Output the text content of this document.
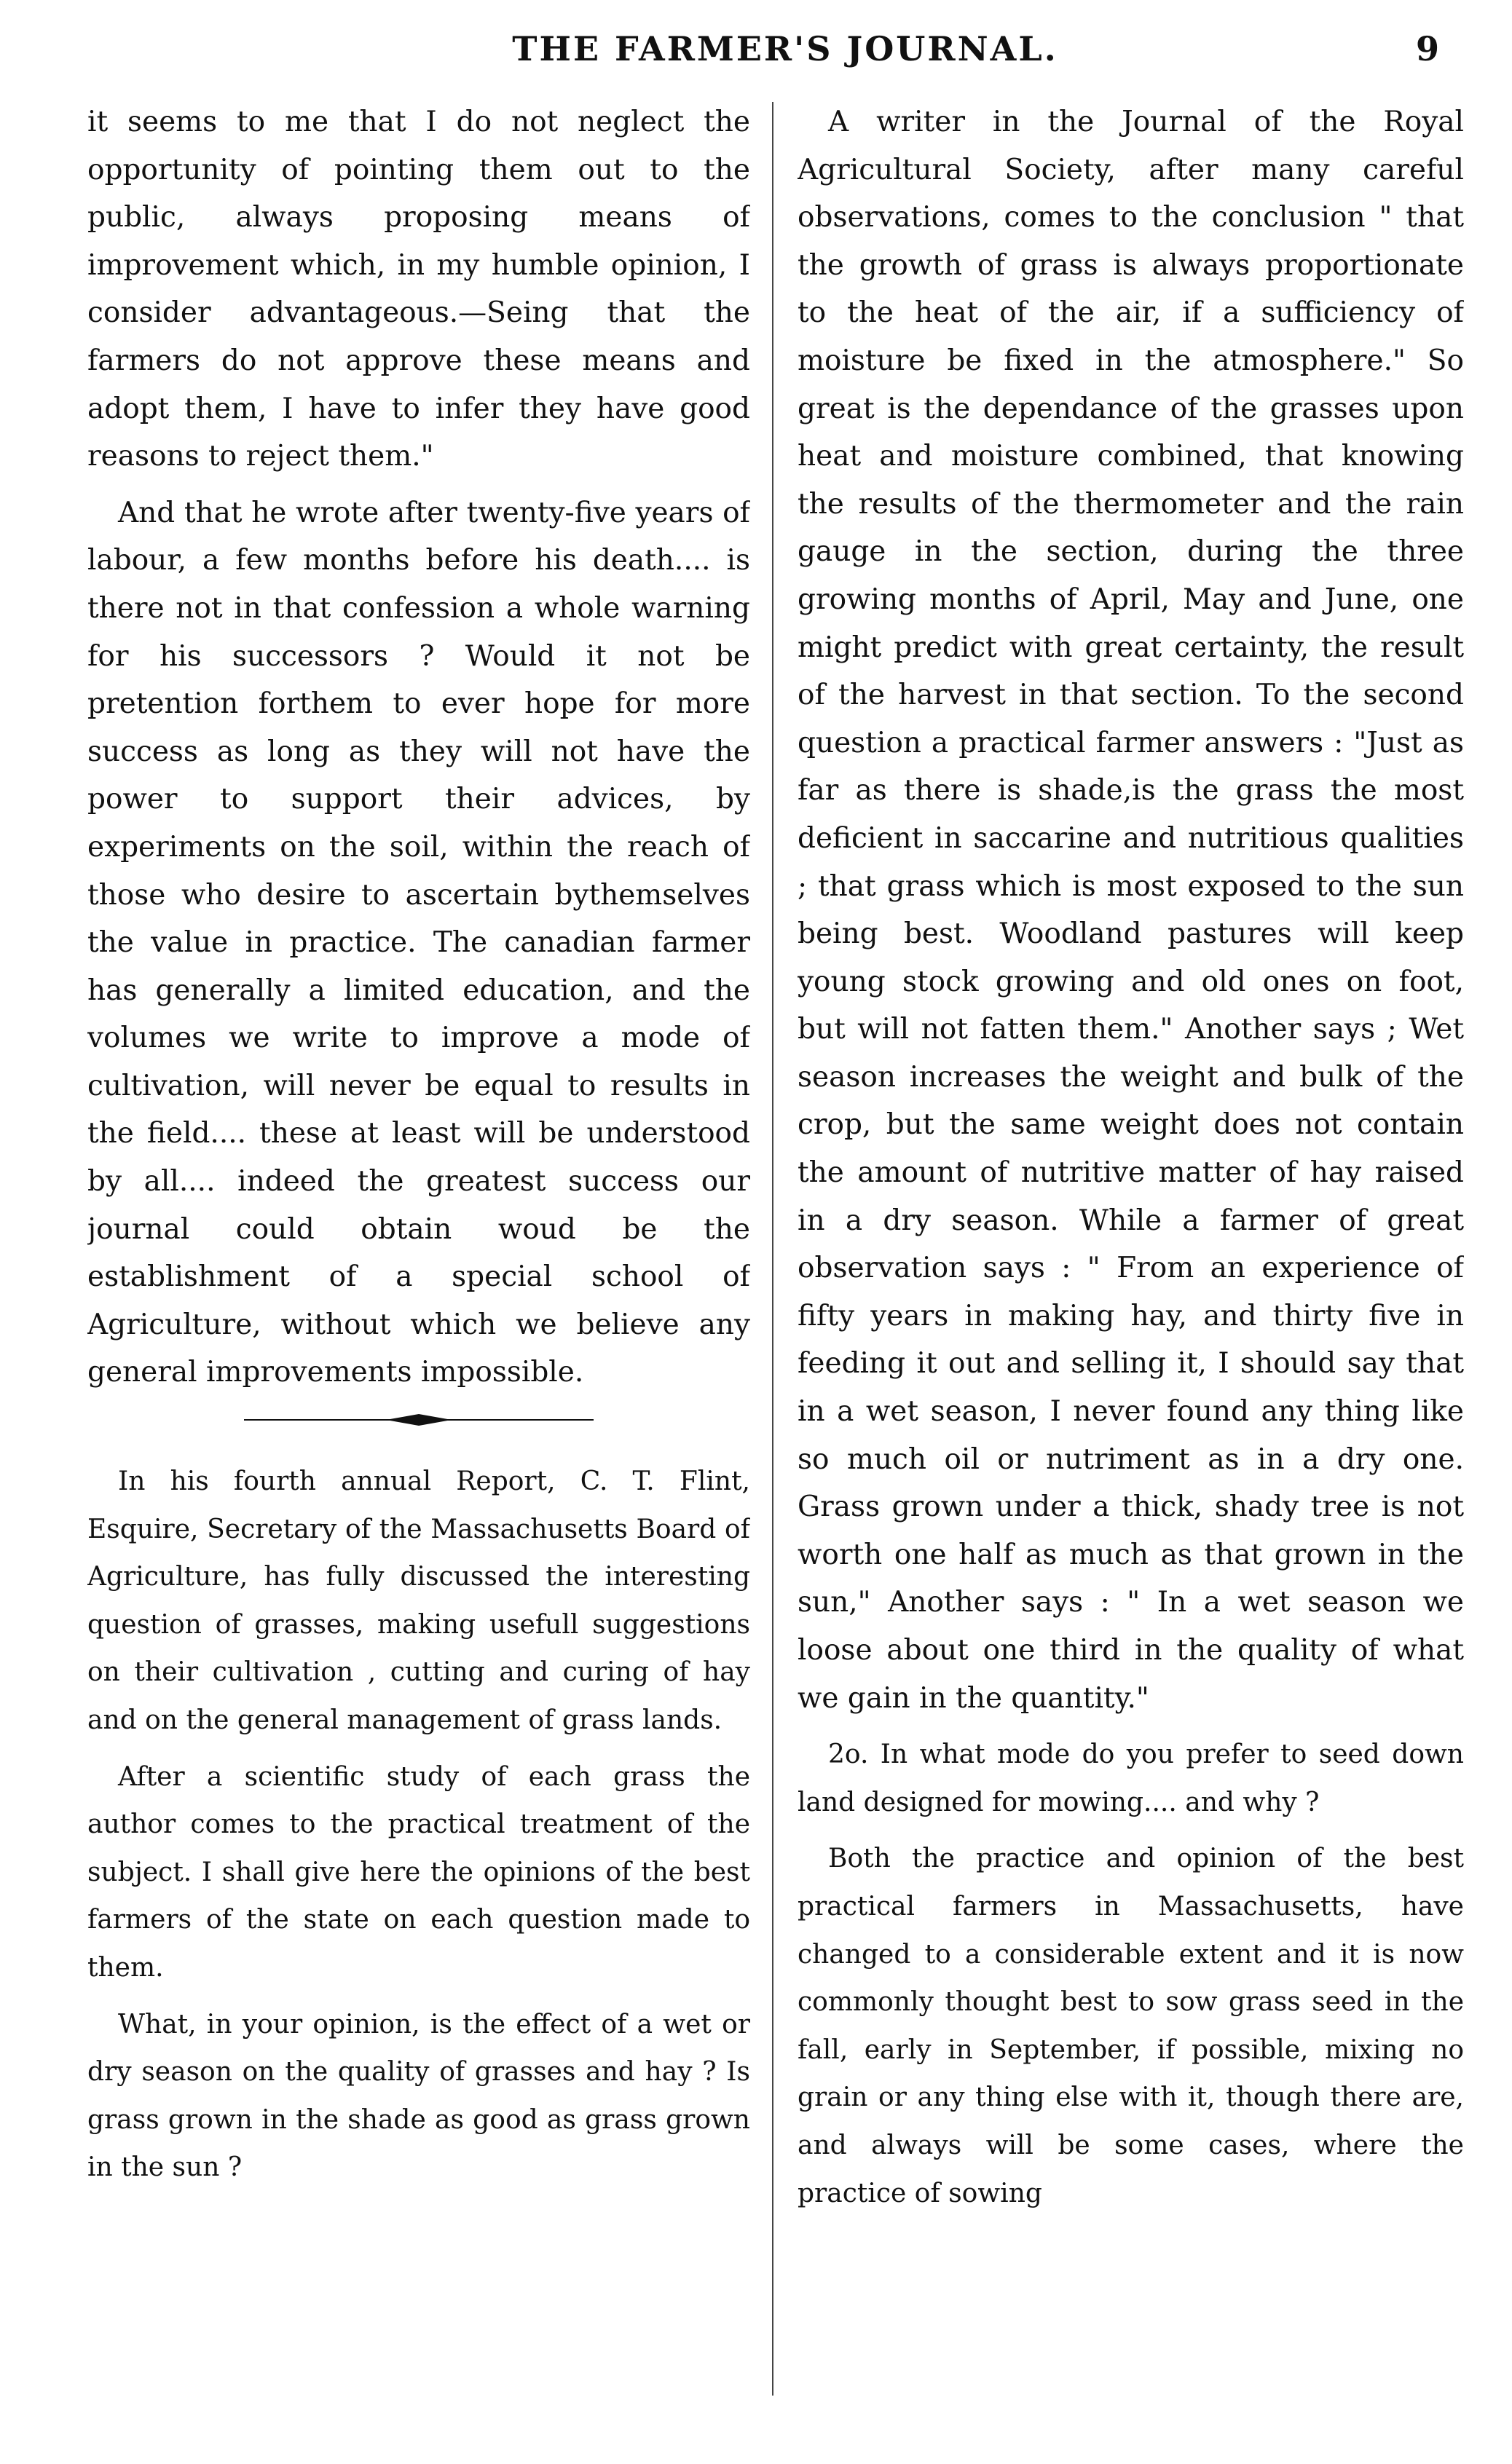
THE FARMER'S JOURNAL.	9

it seems to me that I do not neglect the opportunity of pointing them out to the public, always proposing means of improvement which, in my humble opinion, I consider advantageous.—Seing that the farmers do not approve these means and adopt them, I have to infer they have good reasons to reject them."

And that he wrote after twenty-five years of labour, a few months before his death.... is there not in that confession a whole warning for his successors ? Would it not be pretention forthem to ever hope for more success as long as they will not have the power to support their advices, by experiments on the soil, within the reach of those who desire to ascertain bythemselves the value in practice. The canadian farmer has generally a limited education, and the volumes we write to improve a mode of cultivation, will never be equal to results in the field.... these at least will be understood by all.... indeed the greatest success our journal could obtain woud be the establishment of a special school of Agriculture, without which we believe any general improvements impossible.

In his fourth annual Report, C. T. Flint, Esquire, Secretary of the Massachusetts Board of Agriculture, has fully discussed the interesting question of grasses, making usefull suggestions on their cultivation , cutting and curing of hay and on the general management of grass lands.

After a scientific study of each grass the author comes to the practical treatment of the subject. I shall give here the opinions of the best farmers of the state on each question made to them.

What, in your opinion, is the effect of a wet or dry season on the quality of grasses and hay ? Is grass grown in the shade as good as grass grown in the sun ?

A writer in the Journal of the Royal Agricultural Society, after many careful observations, comes to the conclusion " that the growth of grass is always proportionate to the heat of the air, if a sufficiency of moisture be fixed in the atmosphere." So great is the dependance of the grasses upon heat and moisture combined, that knowing the results of the thermometer and the rain gauge in the section, during the three growing months of April, May and June, one might predict with great certainty, the result of the harvest in that section. To the second question a practical farmer answers : "Just as far as there is shade,is the grass the most deficient in saccarine and nutritious qualities ; that grass which is most exposed to the sun being best. Woodland pastures will keep young stock growing and old ones on foot, but will not fatten them." Another says ; Wet season increases the weight and bulk of the crop, but the same weight does not contain the amount of nutritive matter of hay raised in a dry season. While a farmer of great observation says : " From an experience of fifty years in making hay, and thirty five in feeding it out and selling it, I should say that in a wet season, I never found any thing like so much oil or nutriment as in a dry one. Grass grown under a thick, shady tree is not worth one half as much as that grown in the sun," Another says : " In a wet season we loose about one third in the quality of what we gain in the quantity."

2o. In what mode do you prefer to seed down land designed for mowing.... and why ?

Both the practice and opinion of the best practical farmers in Massachusetts, have changed to a considerable extent and it is now commonly thought best to sow grass seed in the fall, early in September, if possible, mixing no grain or any thing else with it, though there are, and always will be some cases, where the practice of sowing
